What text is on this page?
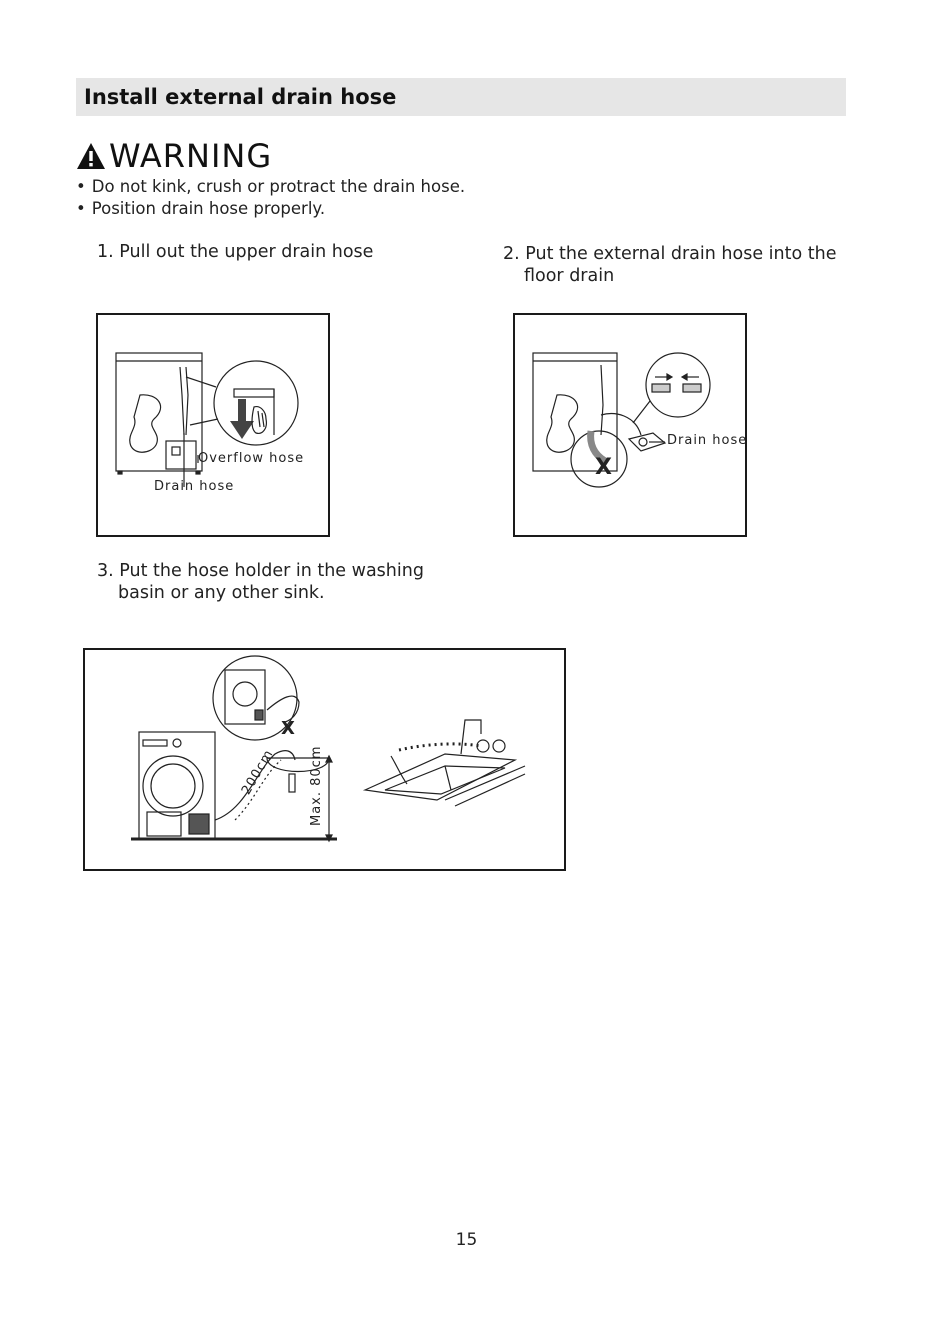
Install external drain hose
WARNING
• Do not kink, crush or protract the drain hose.
• Position drain hose properly.
1. Pull out the upper drain hose	2. Put the external drain hose into the
floor drain
Overflow hose
Drain hose
X
Drain hose
3. Put the hose holder in the washing
basin or any other sink.
X
200cm Max. 80cm
15
